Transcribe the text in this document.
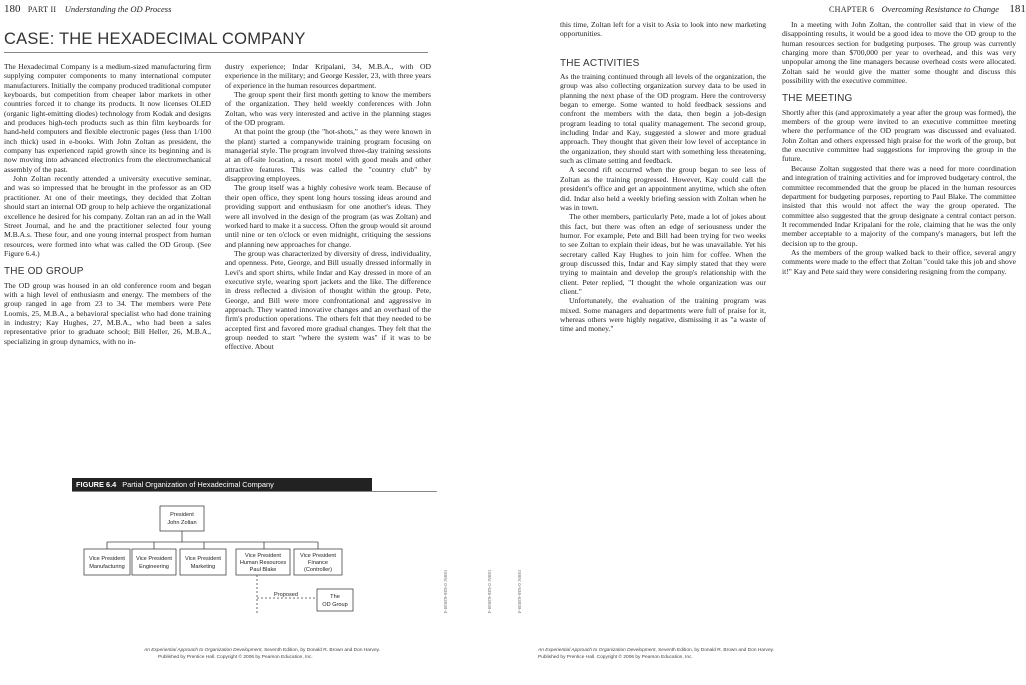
180 PART II Understanding the OD Process
CASE: THE HEXADECIMAL COMPANY

The Hexadecimal Company is a medium-sized manufacturing firm supplying computer components to many international computer manufacturers. Initially the company produced traditional computer keyboards, but competition from cheaper labor markets in other countries forced it to change its products. It now licenses OLED (organic light-emitting diodes) technology from Kodak and designs and produces high-tech products such as thin film keyboards for hand-held computers and flexible electronic pages (less than 1/100 inch thick) used in e-books. With John Zoltan as president, the company has experienced rapid growth since its beginning and is now moving into advanced electronics from the electromechanical assembly of the past.

John Zoltan recently attended a university executive seminar, and was so impressed that he brought in the professor as an OD practitioner. At one of their meetings, they decided that Zoltan should start an internal OD group to help achieve the organizational excellence he desired for his company. Zoltan ran an ad in the Wall Street Journal, and he and the practitioner selected four young M.B.A.s. These four, and one young internal prospect from human resources, were formed into what was called the OD Group. (See Figure 6.4.)

THE OD GROUP

The OD group was housed in an old conference room and began with a high level of enthusiasm and energy. The members of the group ranged in age from 23 to 34. The members were Pete Loomis, 25, M.B.A., a behavioral specialist who had done training in industry; Kay Hughes, 27, M.B.A., who had been a sales representative prior to graduate school; Bill Heller, 26, M.B.A., specializing in group dynamics, with no in-

dustry experience; Indar Kripalani, 34, M.B.A., with OD experience in the military; and George Kessler, 23, with three years of experience in the human resources department.

The group spent their first month getting to know the members of the organization. They held weekly conferences with John Zoltan, who was very interested and active in the planning stages of the OD program.

At that point the group (the "hot-shots," as they were known in the plant) started a companywide training program focusing on managerial style. The program involved three-day training sessions at an off-site location, a resort motel with good meals and other attractive features. This was called the "country club" by disapproving employees.

The group itself was a highly cohesive work team. Because of their open office, they spent long hours tossing ideas around and providing support and enthusiasm for one another's ideas. They were all involved in the design of the program (as was Zoltan) and worked hard to make it a success. Often the group would sit around until nine or ten o'clock or even midnight, critiquing the sessions and planning new approaches for change.

The group was characterized by diversity of dress, individuality, and openness. Pete, George, and Bill usually dressed informally in Levi's and sport shirts, while Indar and Kay dressed in more of an executive style, wearing sport jackets and the like. The difference in dress reflected a division of thought within the group. Pete, George, and Bill were more confrontational and aggressive in approach. They wanted innovative changes and an overhaul of the firm's production operations. The others felt that they needed to be accepted first and favored more gradual changes. They felt that the group needed to start "where the system was" if it was to be effective. About

FIGURE 6.4 Partial Organization of Hexadecimal Company
President
John Zoltan
Vice President
Manufacturing
Vice President
Engineering
Vice President
Marketing
Vice President
Human Resources
Paul Blake
Vice President
Finance
(Controller)
Proposed	The
OD Group	ISBN: 0-536-63939-4	ISBN: 0-536-63939-4
An Experiential Approach to Organization Development, Seventh Edition, by Donald R. Brown and Don Harvey.
Published by Prentice Hall. Copyright © 2006 by Pearson Education, Inc.
CHAPTER 6 Overcoming Resistance to Change 181

this time, Zoltan left for a visit to Asia to look into new marketing opportunities.

THE ACTIVITIES

As the training continued through all levels of the organization, the group was also collecting organization survey data to be used in planning the next phase of the OD program. Here the controversy began to emerge. Some wanted to hold feedback sessions and confront the members with the data, then begin a job-design program leading to total quality management. The second group, including Indar and Kay, suggested a slower and more gradual approach. They thought that given their low level of acceptance in the organization, they should start with something less threatening, such as climate setting and feedback.

A second rift occurred when the group began to see less of Zoltan as the training progressed. However, Kay could call the president's office and get an appointment anytime, which she often did. Indar also held a weekly briefing session with Zoltan when he was in town.

The other members, particularly Pete, made a lot of jokes about this fact, but there was often an edge of seriousness under the humor. For example, Pete and Bill had been trying for two weeks to see Zoltan to explain their ideas, but he was unavailable. Yet his secretary called Kay Hughes to join him for coffee. When the group discussed this, Indar and Kay simply stated that they were trying to maintain and develop the group's relationship with the client. Peter replied, "I thought the whole organization was our client."

Unfortunately, the evaluation of the training program was mixed. Some managers and departments were full of praise for it, whereas others were highly negative, dismissing it as "a waste of time and money."

In a meeting with John Zoltan, the controller said that in view of the disappointing results, it would be a good idea to move the OD group to the human resources section for budgeting purposes. The group was currently charging more than $700,000 per year to overhead, and this was very unpopular among the line managers because overhead costs were allocated. Zoltan said he would give the matter some thought and discuss this possibility with the executive committee.

THE MEETING

Shortly after this (and approximately a year after the group was formed), the members of the group were invited to an executive committee meeting where the performance of the OD program was discussed and evaluated. John Zoltan and others expressed high praise for the work of the group, but the executive committee had suggestions for improving the group in the future.

Because Zoltan suggested that there was a need for more coordination and integration of training activities and for improved budgetary control, the committee recommended that the group be placed in the human resources department for budgeting purposes, reporting to Paul Blake. The committee insisted that this would not affect the way the group operated. The committee also suggested that the group designate a central contact person. It recommended Indar Kripalani for the role, claiming that he was the only member acceptable to a majority of the company's managers, but left the decision up to the group.

As the members of the group walked back to their office, several angry comments were made to the effect that Zoltan "could take this job and shove it!" Kay and Pete said they were considering resigning from the company.

ISBN: 0-536-63939-4
An Experiential Approach to Organization Development, Seventh Edition, by Donald R. Brown and Don Harvey.
Published by Prentice Hall. Copyright © 2006 by Pearson Education, Inc.
